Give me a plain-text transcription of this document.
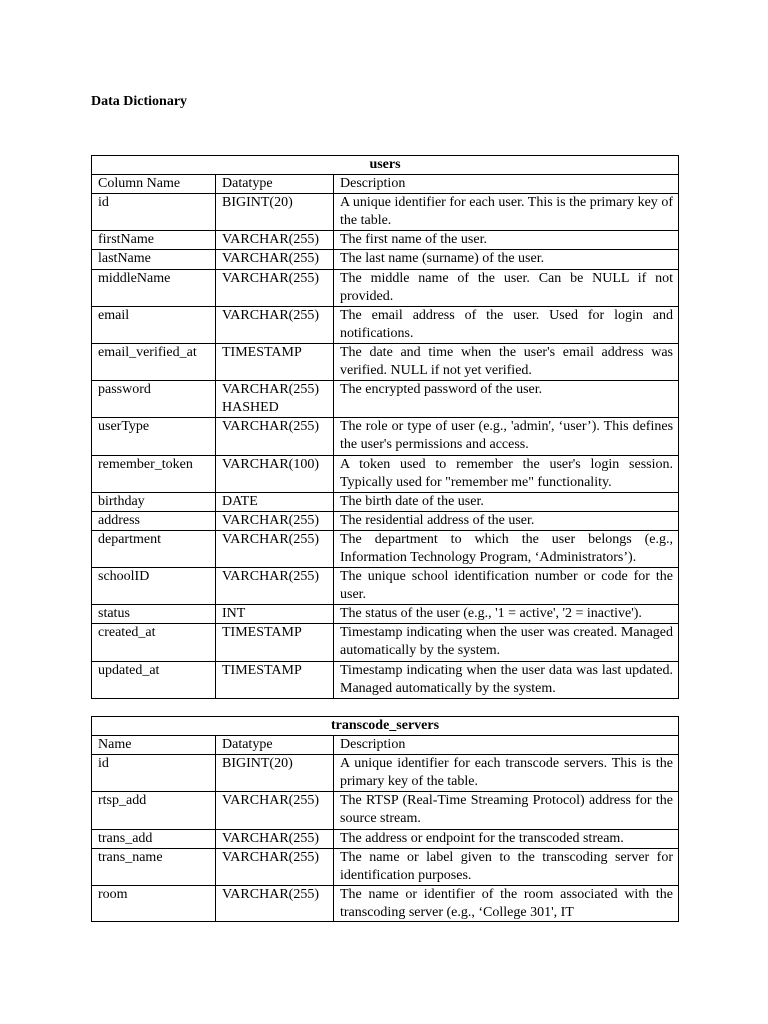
Data Dictionary
users		
Column Name	Datatype	Description

id	BIGINT(20)	A unique identifier for each user. This is the primary key of the table.

firstName	VARCHAR(255)	The first name of the user.

lastName	VARCHAR(255)	The last name (surname) of the user.

middleName	VARCHAR(255)	The middle name of the user. Can be NULL if not provided.

email	VARCHAR(255)	The email address of the user. Used for login and notifications.

email_verified_at	TIMESTAMP	The date and time when the user's email address was verified. NULL if not yet verified.

password	VARCHAR(255) HASHED	The encrypted password of the user.

userType	VARCHAR(255)	The role or type of user (e.g., 'admin', ‘user’). This defines the user's permissions and access.

remember_token	VARCHAR(100)	A token used to remember the user's login session. Typically used for "remember me" functionality.

birthday	DATE	The birth date of the user.

address	VARCHAR(255)	The residential address of the user.

department	VARCHAR(255)	The department to which the user belongs (e.g., Information Technology Program, ‘Administrators’).

schoolID	VARCHAR(255)	The unique school identification number or code for the user.

status	INT	The status of the user (e.g., '1 = active', '2 = inactive').

created_at	TIMESTAMP	Timestamp indicating when the user was created. Managed automatically by the system.

updated_at	TIMESTAMP	Timestamp indicating when the user data was last updated. Managed automatically by the system.
transcode_servers		
Name	Datatype	Description

id	BIGINT(20)	A unique identifier for each transcode servers. This is the primary key of the table.

rtsp_add	VARCHAR(255)	The RTSP (Real-Time Streaming Protocol) address for the source stream.

trans_add	VARCHAR(255)	The address or endpoint for the transcoded stream.

trans_name	VARCHAR(255)	The name or label given to the transcoding server for identification purposes.

room	VARCHAR(255)	The name or identifier of the room associated with the transcoding server (e.g., ‘College 301', IT
